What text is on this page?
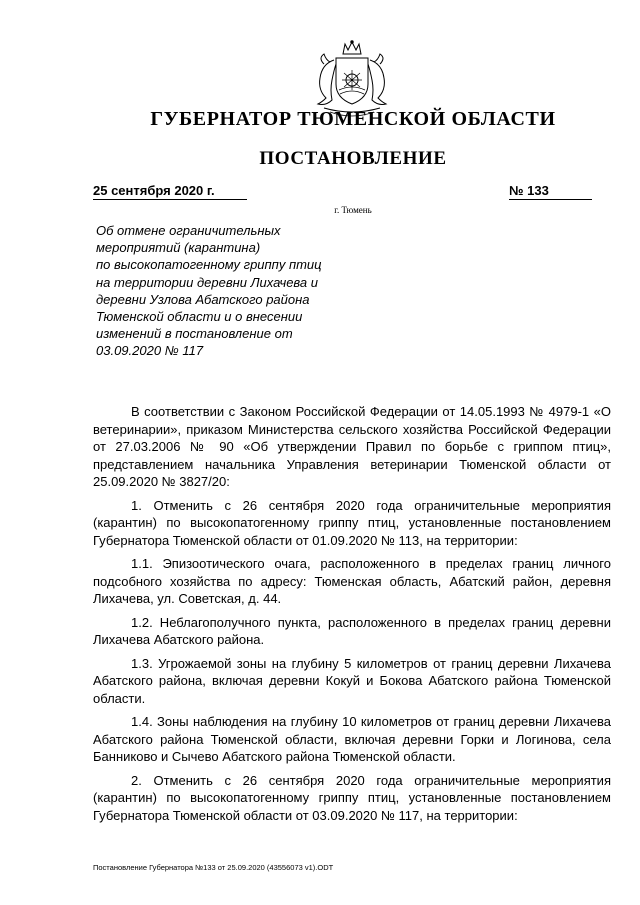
ГУБЕРНАТОР ТЮМЕНСКОЙ ОБЛАСТИ
ПОСТАНОВЛЕНИЕ
25 сентября 2020 г.	№ 133
г. Тюмень
Об отмене ограничительных
мероприятий (карантина)
по высокопатогенному гриппу птиц
на территории деревни Лихачева и
деревни Узлова Абатского района
Тюменской области и о внесении
изменений в постановление от
03.09.2020 № 117

В соответствии с Законом Российской Федерации от 14.05.1993 № 4979-1 «О ветеринарии», приказом Министерства сельского хозяйства Российской Федерации от 27.03.2006 № 90 «Об утверждении Правил по борьбе с гриппом птиц», представлением начальника Управления ветеринарии Тюменской области от 25.09.2020 № 3827/20:

1. Отменить с 26 сентября 2020 года ограничительные мероприятия (карантин) по высокопатогенному гриппу птиц, установленные постановлением Губернатора Тюменской области от 01.09.2020 № 113, на территории:

1.1. Эпизоотического очага, расположенного в пределах границ личного подсобного хозяйства по адресу: Тюменская область, Абатский район, деревня Лихачева, ул. Советская, д. 44.

1.2. Неблагополучного пункта, расположенного в пределах границ деревни Лихачева Абатского района.

1.3. Угрожаемой зоны на глубину 5 километров от границ деревни Лихачева Абатского района, включая деревни Кокуй и Бокова Абатского района Тюменской области.

1.4. Зоны наблюдения на глубину 10 километров от границ деревни Лихачева Абатского района Тюменской области, включая деревни Горки и Логинова, села Банниково и Сычево Абатского района Тюменской области.

2. Отменить с 26 сентября 2020 года ограничительные мероприятия (карантин) по высокопатогенному гриппу птиц, установленные постановлением Губернатора Тюменской области от 03.09.2020 № 117, на территории:

Постановление Губернатора №133 от 25.09.2020 (43556073 v1).ODT
